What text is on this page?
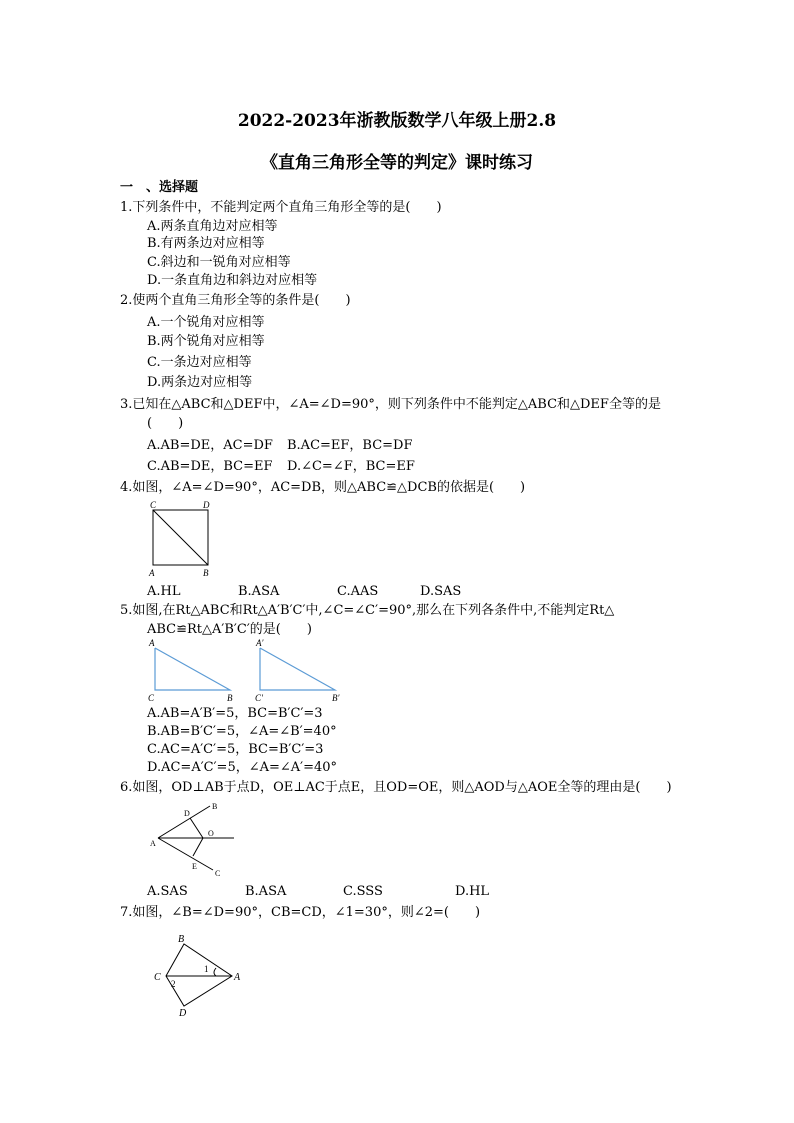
2022-2023年浙教版数学八年级上册2.8
《直角三角形全等的判定》课时练习
一　、选择题
1.下列条件中，不能判定两个直角三角形全等的是(　　)
A.两条直角边对应相等
B.有两条边对应相等
C.斜边和一锐角对应相等
D.一条直角边和斜边对应相等
2.使两个直角三角形全等的条件是(　　)
A.一个锐角对应相等
B.两个锐角对应相等
C.一条边对应相等
D.两条边对应相等
3.已知在△ABC和△DEF中，∠A=∠D=90°，则下列条件中不能判定△ABC和△DEF全等的是
(　　)
A.AB=DE，AC=DF B.AC=EF，BC=DF
C.AB=DE，BC=EF D.∠C=∠F，BC=EF
4.如图，∠A=∠D=90°，AC=DB，则△ABC≌△DCB的依据是(　　)
C	D
A	B
A.HL	B.ASA	C.AAS	D.SAS
5.如图,在Rt△ABC和Rt△A′B′C′中,∠C=∠C′=90°,那么在下列各条件中,不能判定Rt△
ABC≌Rt△A′B′C′的是(　　)
A
C	B
A′
C′	B′
A.AB=A′B′=5，BC=B′C′=3
B.AB=B′C′=5，∠A=∠B′=40°
C.AC=A′C′=5，BC=B′C′=3
D.AC=A′C′=5，∠A=∠A′=40°
6.如图，OD⊥AB于点D，OE⊥AC于点E，且OD=OE，则△AOD与△AOE全等的理由是(　　)
B
D
O
A
E
C
A.SAS	B.ASA	C.SSS	D.HL
7.如图，∠B=∠D=90°，CB=CD，∠1=30°，则∠2=(　　)
B
C	A
D
1
2
